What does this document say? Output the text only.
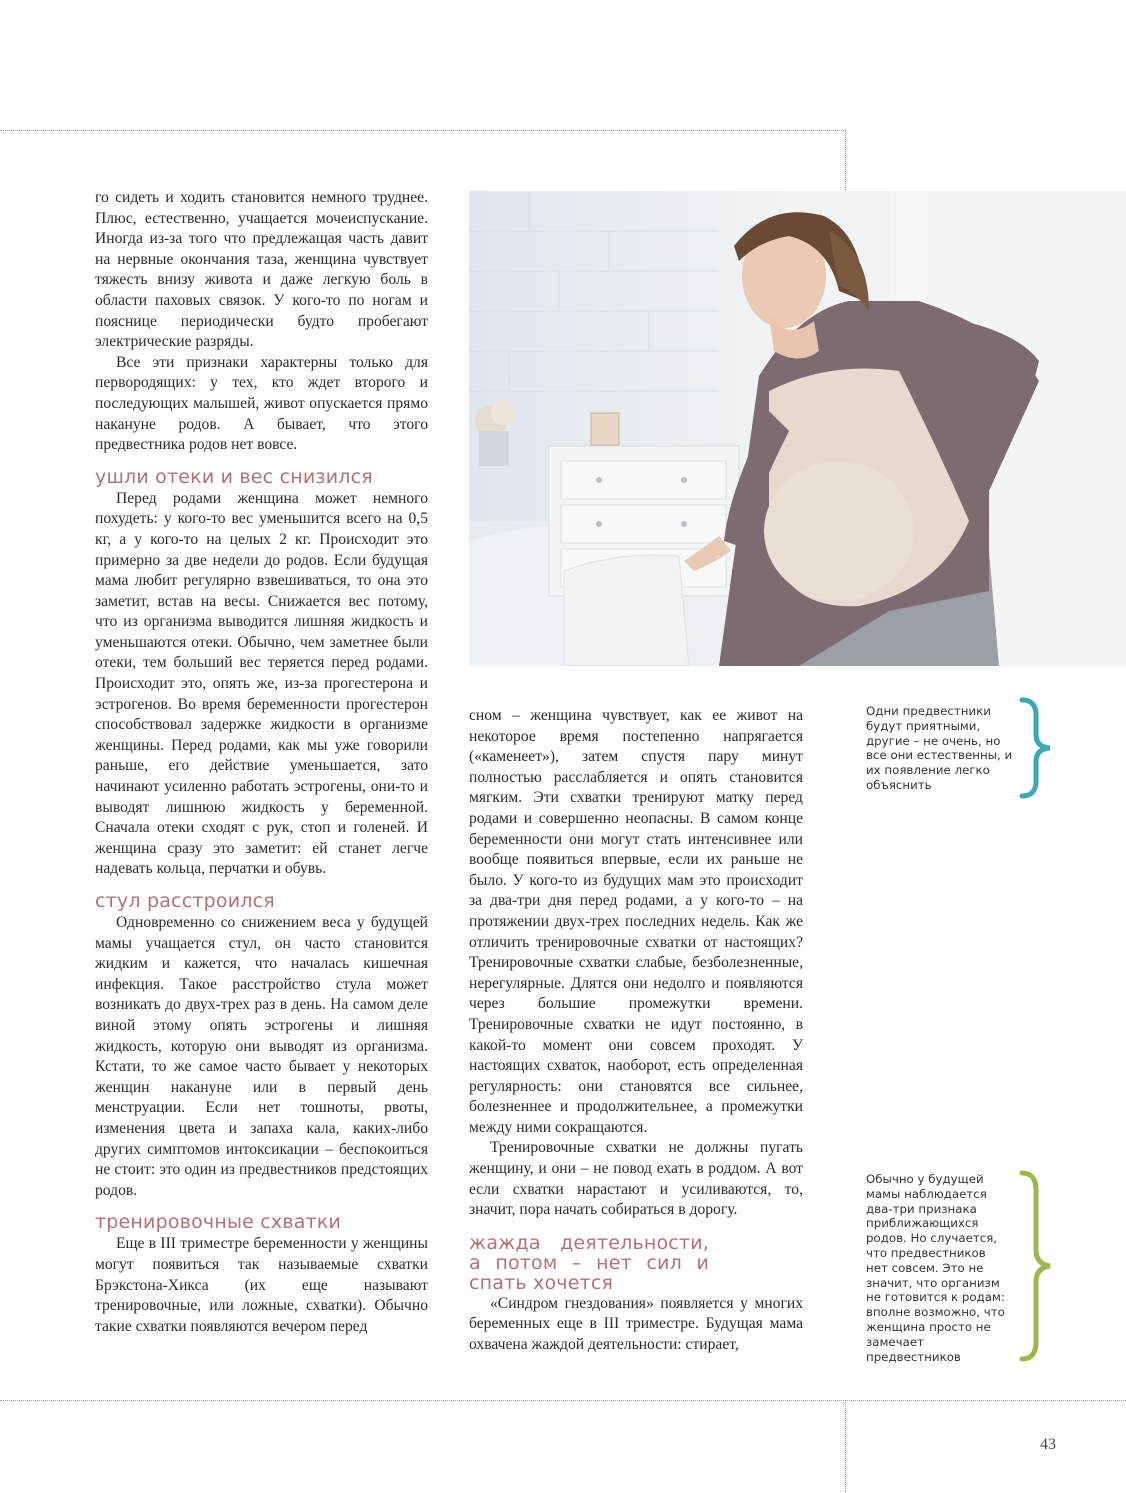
го сидеть и ходить становится немного труднее. Плюс, естественно, учащается мочеиспускание. Иногда из-за того что предлежащая часть давит на нервные окончания таза, женщина чувствует тяжесть внизу живота и даже легкую боль в области паховых связок. У кого-то по ногам и пояснице периодически будто пробегают электрические разряды.

Все эти признаки характерны только для первородящих: у тех, кто ждет второго и последующих малышей, живот опускается прямо накануне родов. А бывает, что этого предвестника родов нет вовсе.

ушли отеки и вес снизился

Перед родами женщина может немного похудеть: у кого-то вес уменьшится всего на 0,5 кг, а у кого-то на целых 2 кг. Происходит это примерно за две недели до родов. Если будущая мама любит регулярно взвешиваться, то она это заметит, встав на весы. Снижается вес потому, что из организма выводится лишняя жидкость и уменьшаются отеки. Обычно, чем заметнее были отеки, тем больший вес теряется перед родами. Происходит это, опять же, из-за прогестерона и эстрогенов. Во время беременности прогестерон способствовал задержке жидкости в организме женщины. Перед родами, как мы уже говорили раньше, его действие уменьшается, зато начинают усиленно работать эстрогены, они-то и выводят лишнюю жидкость у беременной. Сначала отеки сходят с рук, стоп и голеней. И женщина сразу это заметит: ей станет легче надевать кольца, перчатки и обувь.

стул расстроился

Одновременно со снижением веса у будущей мамы учащается стул, он часто становится жидким и кажется, что началась кишечная инфекция. Такое расстройство стула может возникать до двух-трех раз в день. На самом деле виной этому опять эстрогены и лишняя жидкость, которую они выводят из организма. Кстати, то же самое часто бывает у некоторых женщин накануне или в первый день менструации. Если нет тошноты, рвоты, изменения цвета и запаха кала, каких-либо других симптомов интоксикации – беспокоиться не стоит: это один из предвестников предстоящих родов.

тренировочные схватки

Еще в III триместре беременности у женщины могут появиться так называемые схватки Брэкстона-Хикса (их еще называют тренировочные, или ложные, схватки). Обычно такие схватки появляются вечером перед

сном – женщина чувствует, как ее живот на некоторое время постепенно напрягается («каменеет»), затем спустя пару минут полностью расслабляется и опять становится мягким. Эти схватки тренируют матку перед родами и совершенно неопасны. В самом конце беременности они могут стать интенсивнее или вообще появиться впервые, если их раньше не было. У кого-то из будущих мам это происходит за два-три дня перед родами, а у кого-то – на протяжении двух-трех последних недель. Как же отличить тренировочные схватки от настоящих? Тренировочные схватки слабые, безболезненные, нерегулярные. Длятся они недолго и появляются через большие промежутки времени. Тренировочные схватки не идут постоянно, в какой-то момент они совсем проходят. У настоящих схваток, наоборот, есть определенная регулярность: они становятся все сильнее, болезненнее и продолжительнее, а промежутки между ними сокращаются.

Тренировочные схватки не должны пугать женщину, и они – не повод ехать в роддом. А вот если схватки нарастают и усиливаются, то, значит, пора начать собираться в дорогу.

жажда деятельности, а потом – нет сил и спать хочется

«Синдром гнездования» появляется у многих беременных еще в III триместре. Будущая мама охвачена жаждой деятельности: стирает,

Одни предвестники будут приятными, другие – не очень, но все они естественны, и их появление легко объяснить
Обычно у будущей мамы наблюдается два-три признака приближающихся родов. Но случается, что предвестников нет совсем. Это не значит, что организм не готовится к родам: вполне возможно, что женщина просто не замечает предвестников
43
